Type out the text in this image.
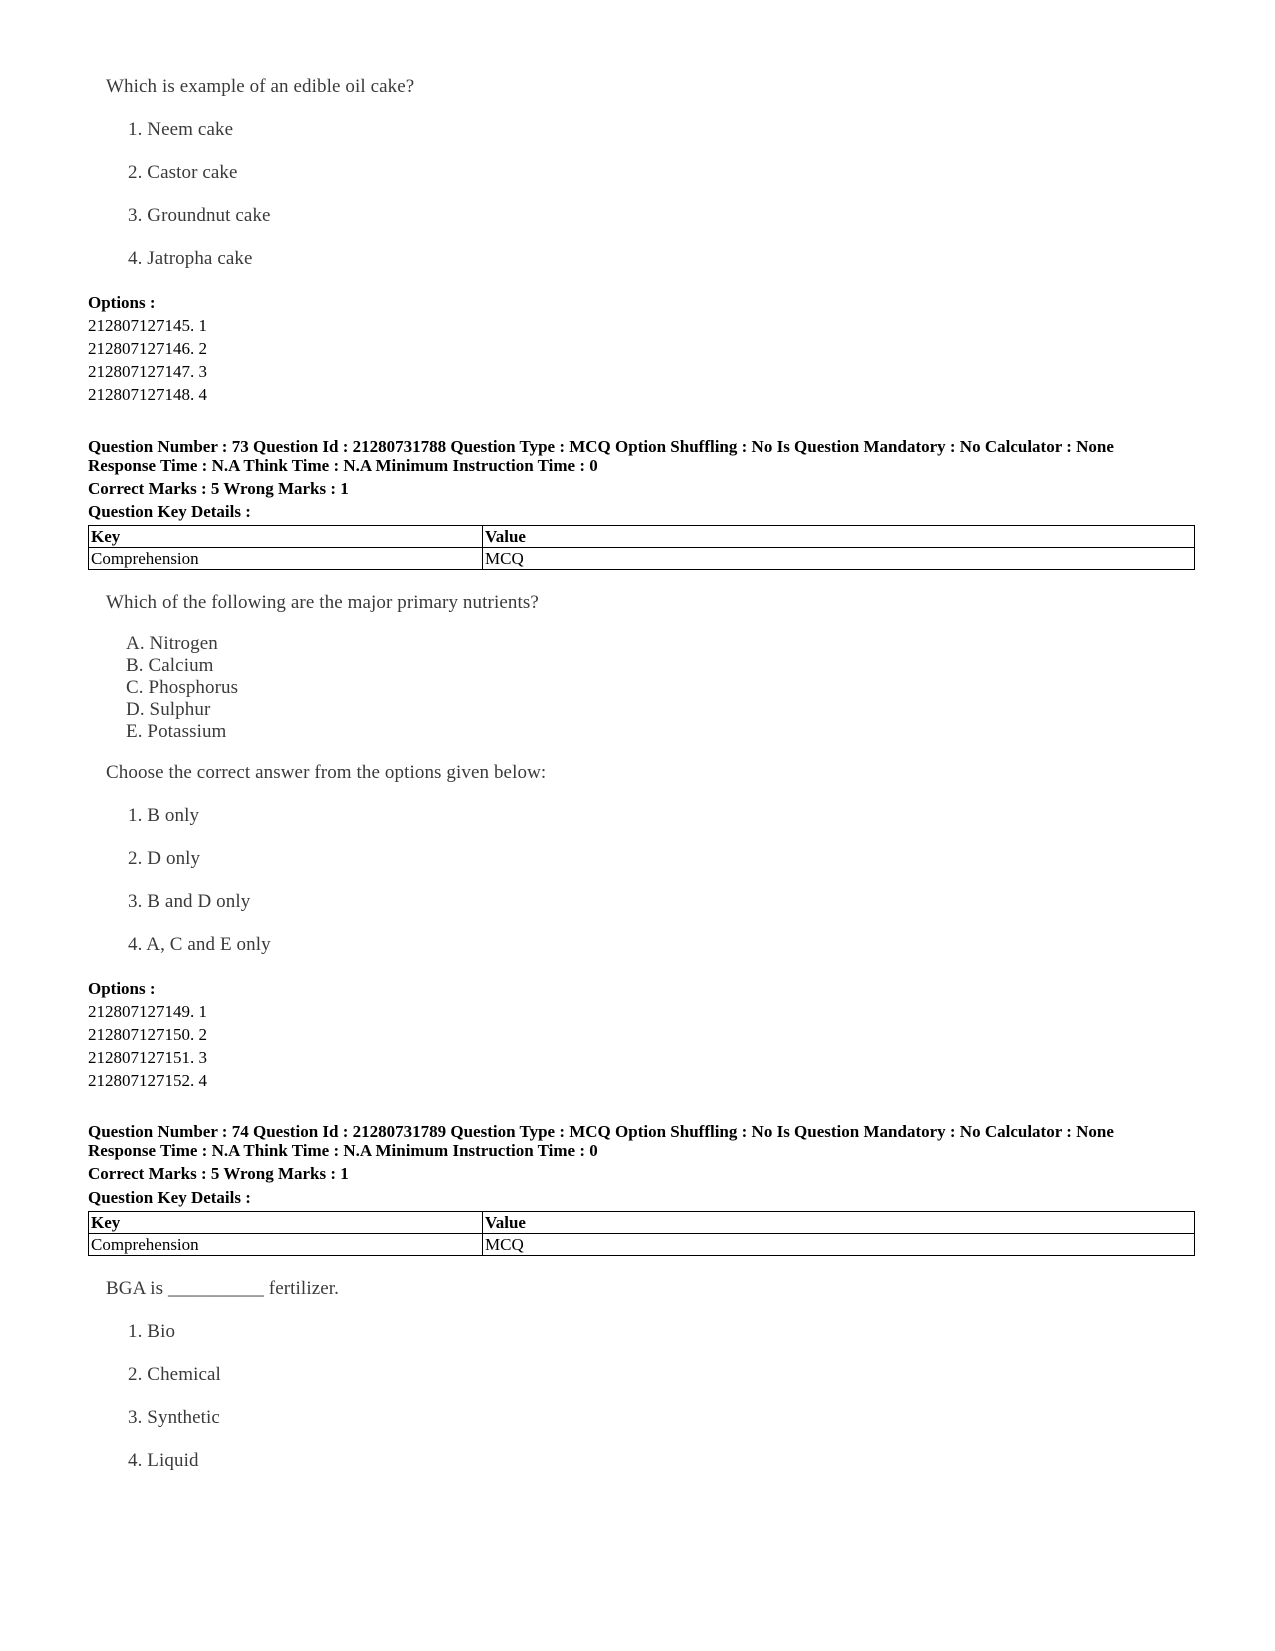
Which is example of an edible oil cake?
1. Neem cake
2. Castor cake
3. Groundnut cake
4. Jatropha cake
Options :
212807127145. 1
212807127146. 2
212807127147. 3
212807127148. 4
Question Number : 73 Question Id : 21280731788 Question Type : MCQ Option Shuffling : No Is Question Mandatory : No Calculator : None
Response Time : N.A Think Time : N.A Minimum Instruction Time : 0
Correct Marks : 5 Wrong Marks : 1
Question Key Details :
Key	Value
Comprehension	MCQ
Which of the following are the major primary nutrients?
A. Nitrogen
B. Calcium
C. Phosphorus
D. Sulphur
E. Potassium
Choose the correct answer from the options given below:
1. B only
2. D only
3. B and D only
4. A, C and E only
Options :
212807127149. 1
212807127150. 2
212807127151. 3
212807127152. 4
Question Number : 74 Question Id : 21280731789 Question Type : MCQ Option Shuffling : No Is Question Mandatory : No Calculator : None
Response Time : N.A Think Time : N.A Minimum Instruction Time : 0
Correct Marks : 5 Wrong Marks : 1
Question Key Details :
Key	Value
Comprehension	MCQ
BGA is __________ fertilizer.
1. Bio
2. Chemical
3. Synthetic
4. Liquid
